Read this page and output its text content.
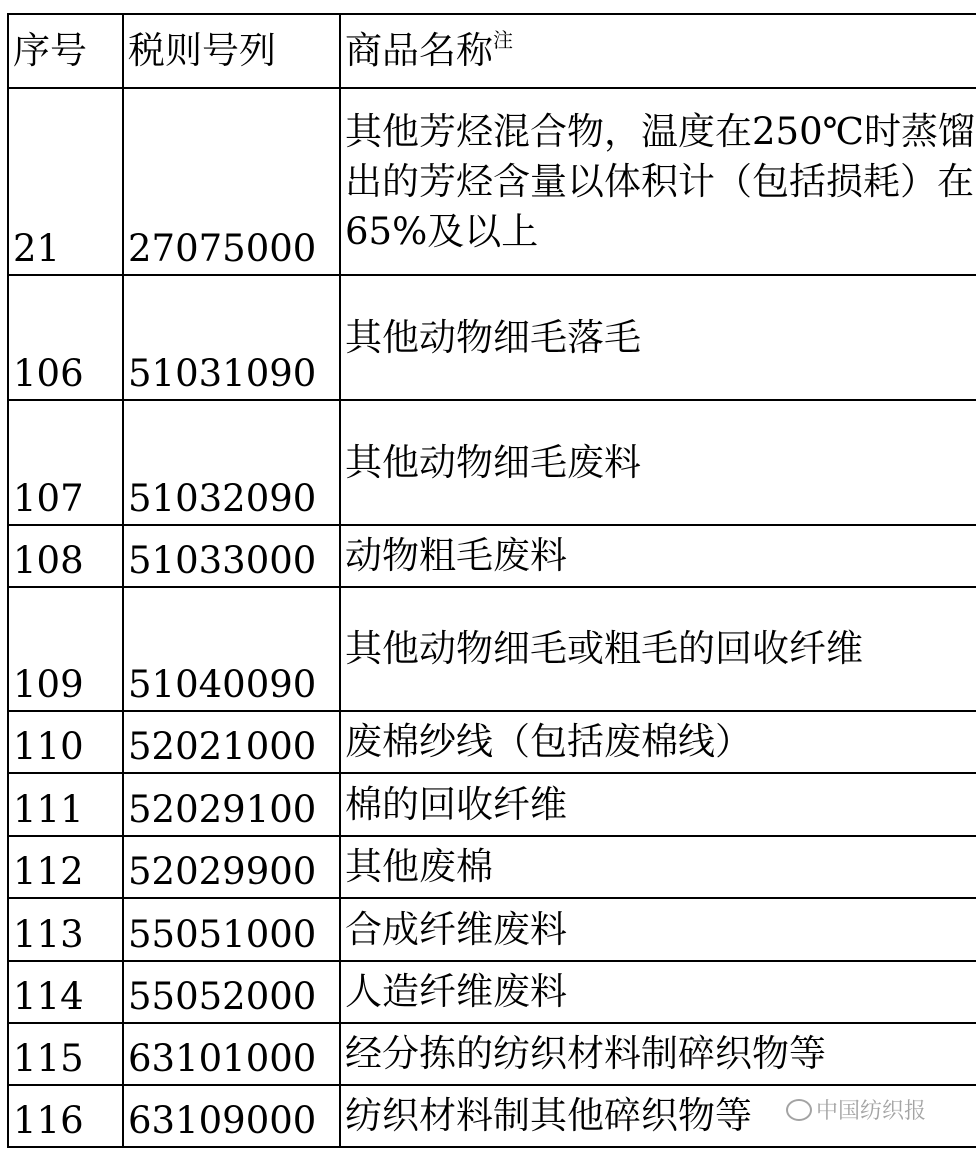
序号	税则号列	商品名称$^注$
21	27075000	其他芳烃混合物，温度在250℃时蒸馏出的芳烃含量以体积计（包括损耗）在65%及以上
106	51031090	其他动物细毛落毛
107	51032090	其他动物细毛废料
108	51033000	动物粗毛废料
109	51040090	其他动物细毛或粗毛的回收纤维
110	52021000	废棉纱线（包括废棉线）
111	52029100	棉的回收纤维
112	52029900	其他废棉
113	55051000	合成纤维废料
114	55052000	人造纤维废料
115	63101000	经分拣的纺织材料制碎织物等
116	63109000	纺织材料制其他碎织物等	中国纺织报
